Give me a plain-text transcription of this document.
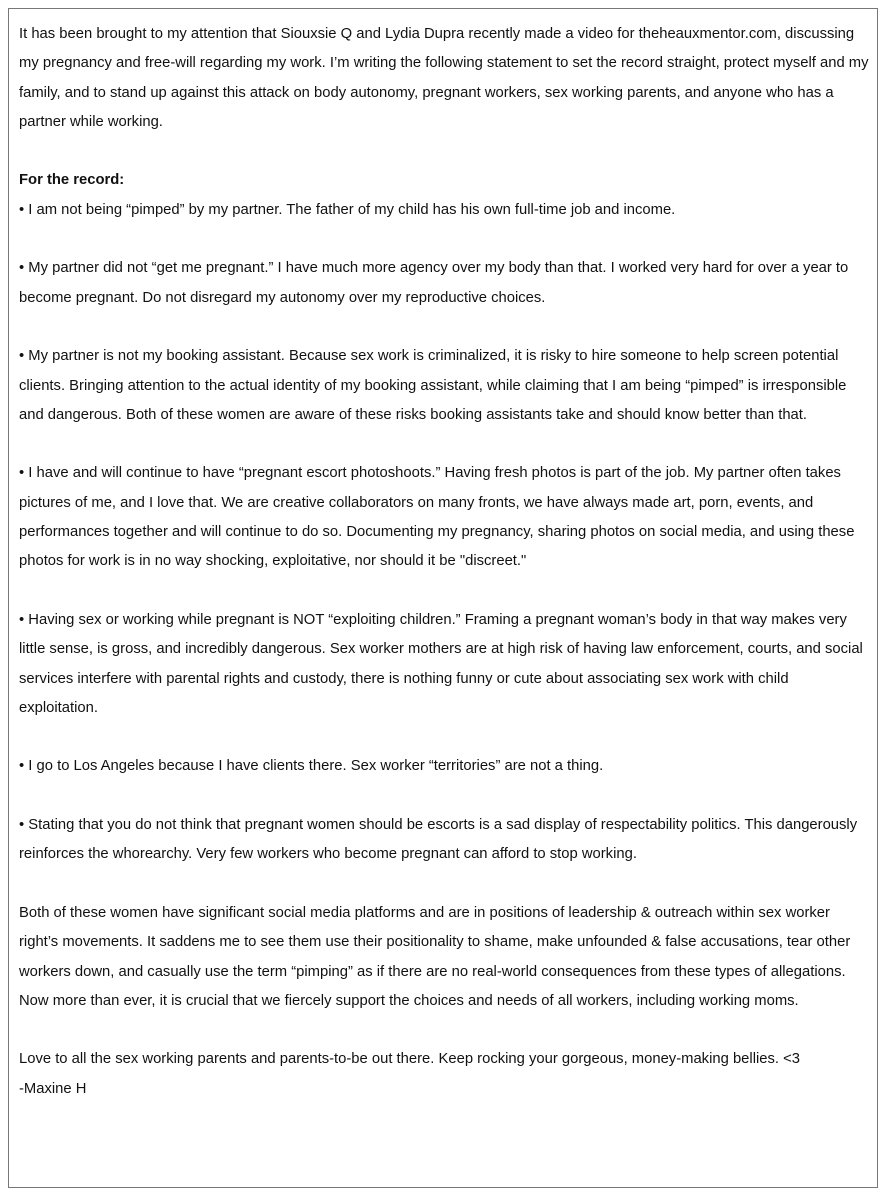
It has been brought to my attention that Siouxsie Q and Lydia Dupra recently made a video for theheauxmentor.com, discussing my pregnancy and free-will regarding my work. I’m writing the following statement to set the record straight, protect myself and my family, and to stand up against this attack on body autonomy, pregnant workers, sex working parents, and anyone who has a partner while working.

For the record:

• I am not being “pimped” by my partner. The father of my child has his own full-time job and income.

• My partner did not “get me pregnant.” I have much more agency over my body than that. I worked very hard for over a year to become pregnant. Do not disregard my autonomy over my reproductive choices.

• My partner is not my booking assistant. Because sex work is criminalized, it is risky to hire someone to help screen potential clients. Bringing attention to the actual identity of my booking assistant, while claiming that I am being “pimped” is irresponsible and dangerous. Both of these women are aware of these risks booking assistants take and should know better than that.

• I have and will continue to have “pregnant escort photoshoots.” Having fresh photos is part of the job. My partner often takes pictures of me, and I love that. We are creative collaborators on many fronts, we have always made art, porn, events, and performances together and will continue to do so. Documenting my pregnancy, sharing photos on social media, and using these photos for work is in no way shocking, exploitative, nor should it be "discreet."

• Having sex or working while pregnant is NOT “exploiting children.” Framing a pregnant woman’s body in that way makes very little sense, is gross, and incredibly dangerous. Sex worker mothers are at high risk of having law enforcement, courts, and social services interfere with parental rights and custody, there is nothing funny or cute about associating sex work with child exploitation.

• I go to Los Angeles because I have clients there. Sex worker “territories” are not a thing.

• Stating that you do not think that pregnant women should be escorts is a sad display of respectability politics. This dangerously reinforces the whorearchy. Very few workers who become pregnant can afford to stop working.

Both of these women have significant social media platforms and are in positions of leadership & outreach within sex worker right’s movements. It saddens me to see them use their positionality to shame, make unfounded & false accusations, tear other workers down, and casually use the term “pimping” as if there are no real-world consequences from these types of allegations. Now more than ever, it is crucial that we fiercely support the choices and needs of all workers, including working moms.

Love to all the sex working parents and parents-to-be out there. Keep rocking your gorgeous, money-making bellies. <3

-Maxine H
